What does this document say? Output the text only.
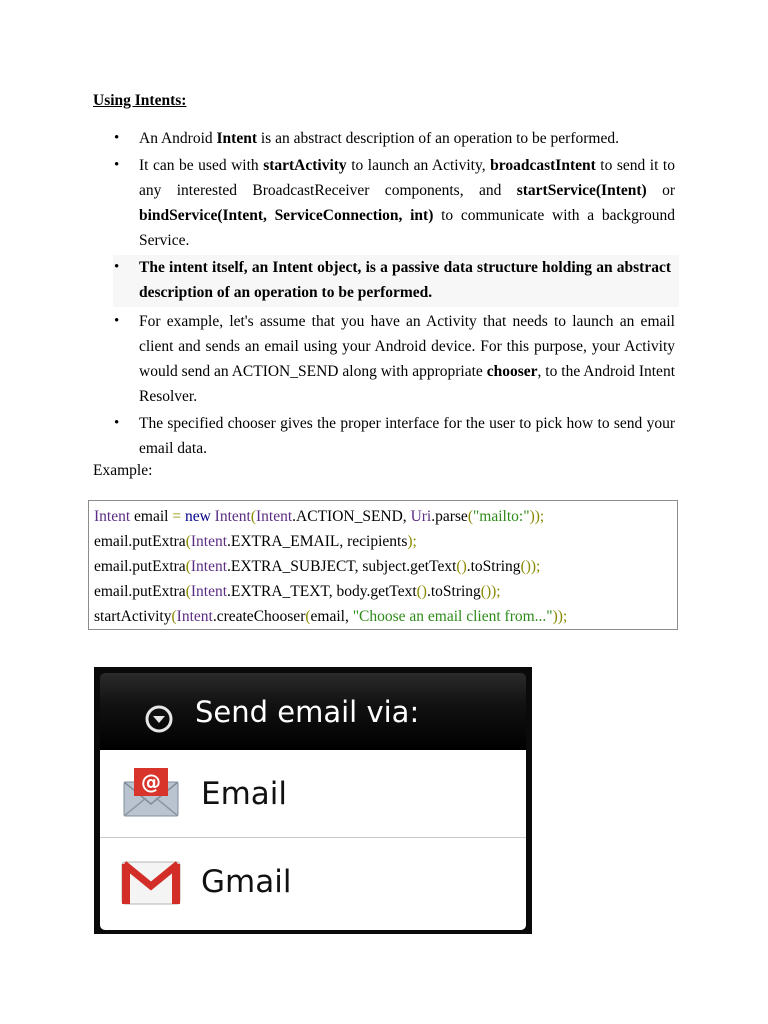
Using Intents:

• An Android Intent is an abstract description of an operation to be performed.
• It can be used with startActivity to launch an Activity, broadcastIntent to send it to any interested BroadcastReceiver components, and startService(Intent) or bindService(Intent, ServiceConnection, int) to communicate with a background Service.
• The intent itself, an Intent object, is a passive data structure holding an abstract description of an operation to be performed.
• For example, let's assume that you have an Activity that needs to launch an email client and sends an email using your Android device. For this purpose, your Activity would send an ACTION_SEND along with appropriate chooser, to the Android Intent Resolver.
• The specified chooser gives the proper interface for the user to pick how to send your email data.

Example:

Intent email = new Intent(Intent.ACTION_SEND, Uri.parse("mailto:"));
email.putExtra(Intent.EXTRA_EMAIL, recipients);
email.putExtra(Intent.EXTRA_SUBJECT, subject.getText().toString());
email.putExtra(Intent.EXTRA_TEXT, body.getText().toString());
startActivity(Intent.createChooser(email, "Choose an email client from..."));
Send email via:
@ Email
Gmail
